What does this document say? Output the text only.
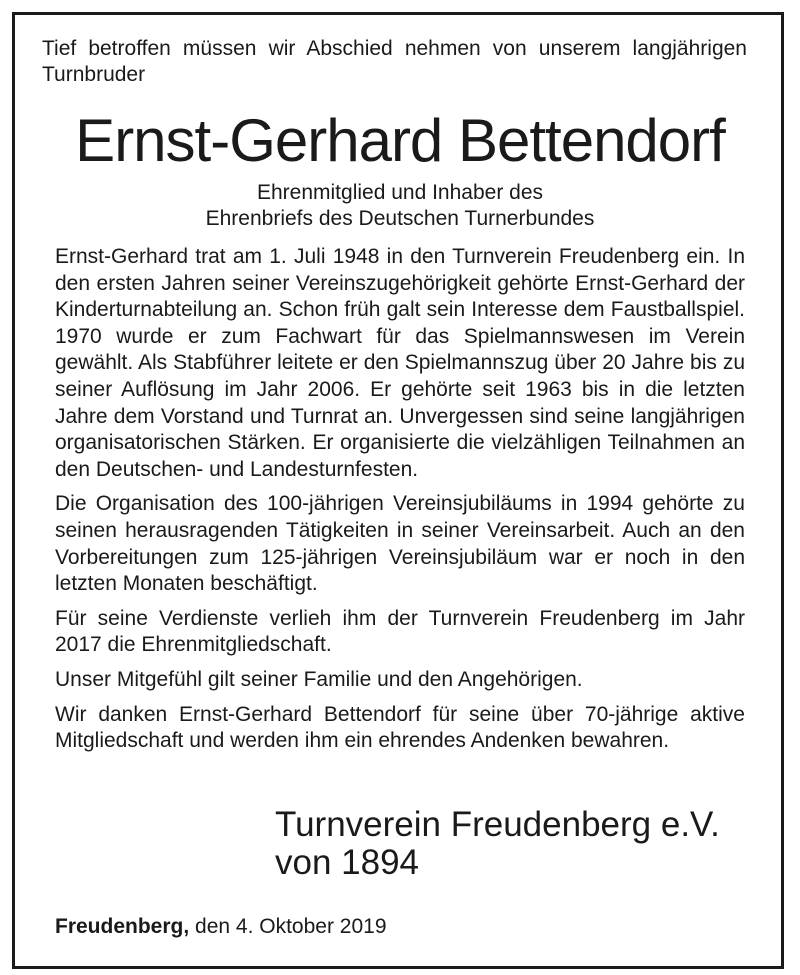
Tief betroffen müssen wir Abschied nehmen von unserem langjährigen Turnbruder

Ernst-Gerhard Bettendorf
Ehrenmitglied und Inhaber des
Ehrenbriefs des Deutschen Turnerbundes

Ernst-Gerhard trat am 1. Juli 1948 in den Turnverein Freudenberg ein. In den ersten Jahren seiner Vereinszugehörigkeit gehörte Ernst-Gerhard der Kinderturnabteilung an. Schon früh galt sein Interesse dem Faustballspiel. 1970 wurde er zum Fachwart für das Spielmannswesen im Verein gewählt. Als Stabführer leitete er den Spielmannszug über 20 Jahre bis zu seiner Auflösung im Jahr 2006. Er gehörte seit 1963 bis in die letzten Jahre dem Vorstand und Turnrat an. Unvergessen sind seine langjährigen organisatorischen Stärken. Er organisierte die vielzähligen Teilnahmen an den Deutschen- und Landesturnfesten.

Die Organisation des 100-jährigen Vereinsjubiläums in 1994 gehörte zu seinen herausragenden Tätigkeiten in seiner Vereinsarbeit. Auch an den Vorbereitungen zum 125-jährigen Vereinsjubiläum war er noch in den letzten Monaten beschäftigt.

Für seine Verdienste verlieh ihm der Turnverein Freudenberg im Jahr 2017 die Ehrenmitgliedschaft.

Unser Mitgefühl gilt seiner Familie und den Angehörigen.

Wir danken Ernst-Gerhard Bettendorf für seine über 70-jährige aktive Mitgliedschaft und werden ihm ein ehrendes Andenken bewahren.

Turnverein Freudenberg e.V.
von 1894

Freudenberg, den 4. Oktober 2019
